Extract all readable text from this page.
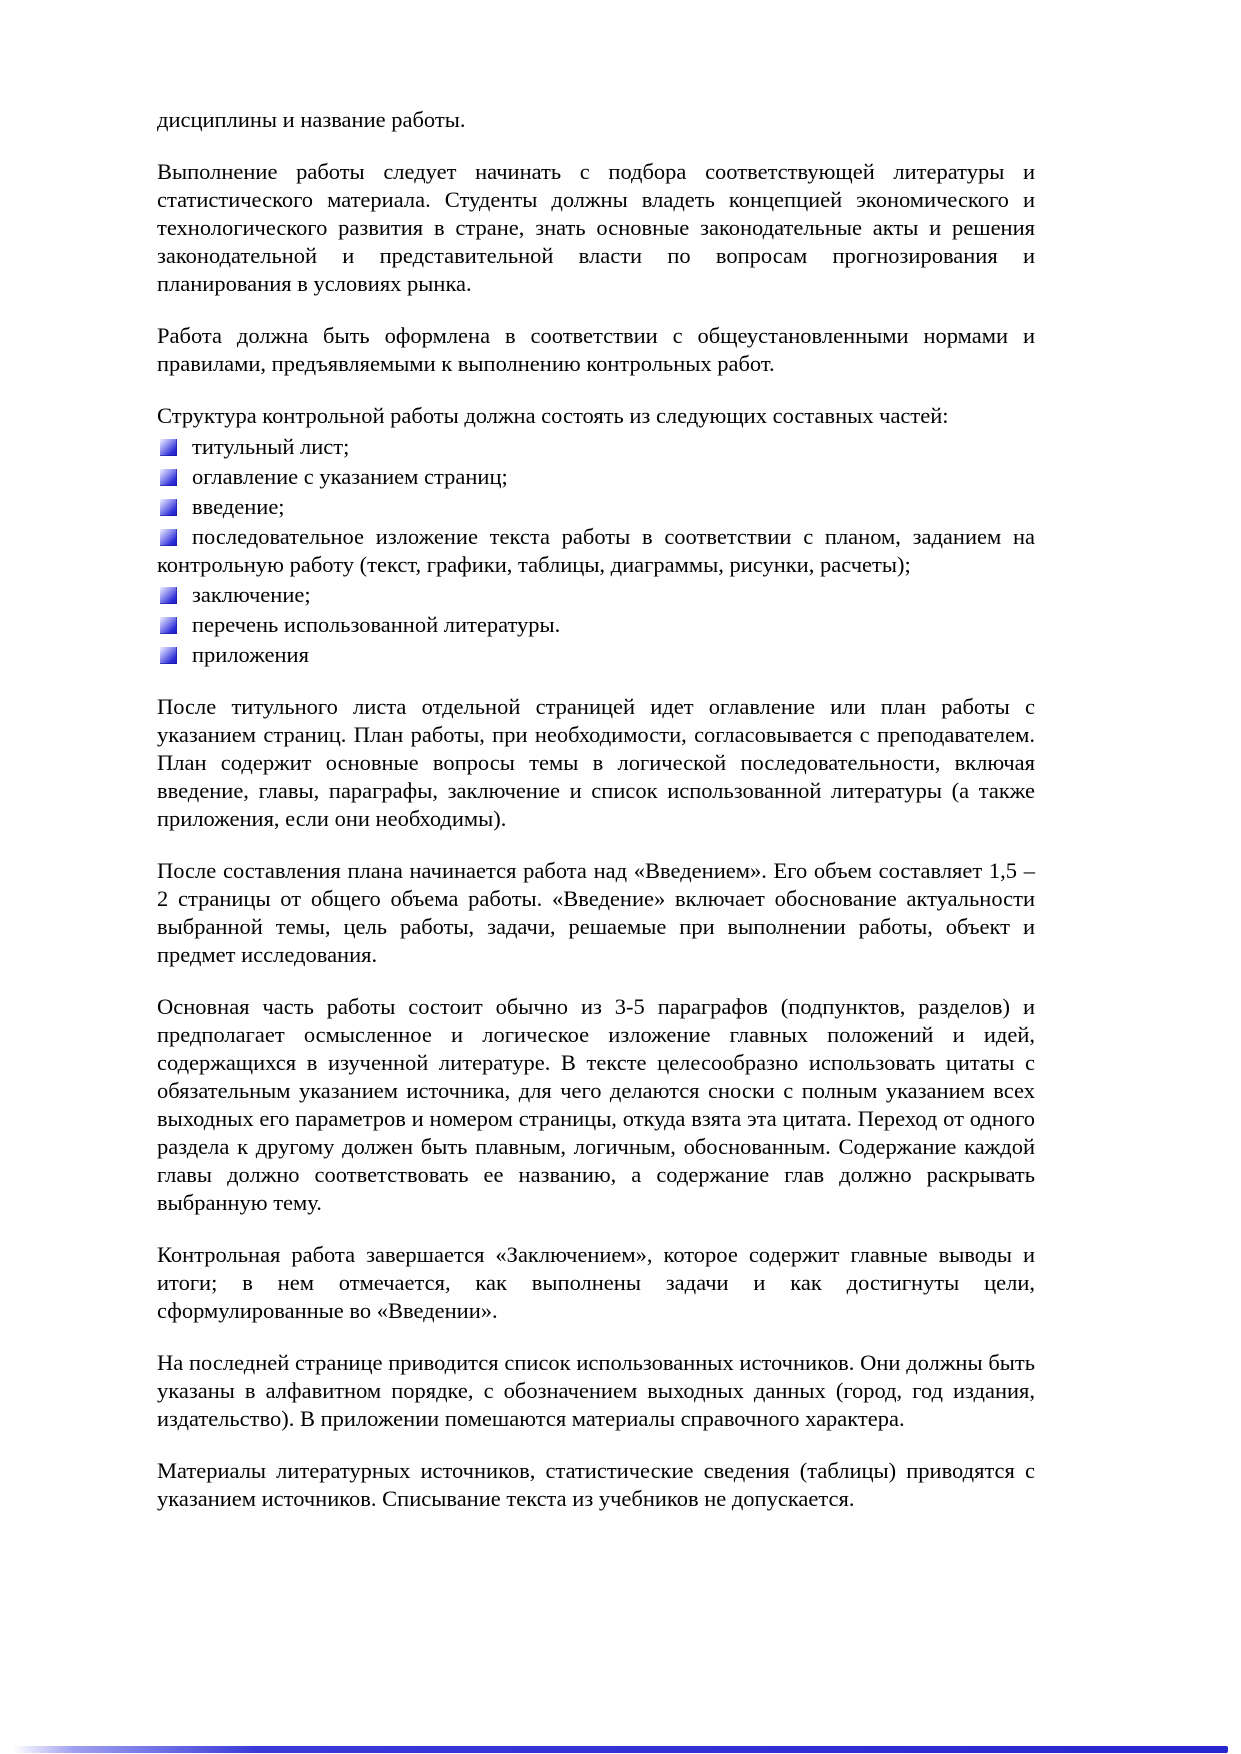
дисциплины и название работы.

Выполнение работы следует начинать с подбора соответствующей литературы и статистического материала. Студенты должны владеть концепцией экономического и технологического развития в стране, знать основные законодательные акты и решения законодательной и представительной власти по вопросам прогнозирования и планирования в условиях рынка.

Работа должна быть оформлена в соответствии с общеустановленными нормами и правилами, предъявляемыми к выполнению контрольных работ.

Структура контрольной работы должна состоять из следующих составных частей:

титульный лист;
оглавление с указанием страниц;
введение;
последовательное изложение текста работы в соответствии с планом, заданием на контрольную работу (текст, графики, таблицы, диаграммы, рисунки, расчеты);
заключение;
перечень использованной литературы.
приложения

После титульного листа отдельной страницей идет оглавление или план работы с указанием страниц. План работы, при необходимости, согласовывается с преподавателем. План содержит основные вопросы темы в логической последовательности, включая введение, главы, параграфы, заключение и список использованной литературы (а также приложения, если они необходимы).

После составления плана начинается работа над «Введением». Его объем составляет 1,5 – 2 страницы от общего объема работы. «Введение» включает обоснование актуальности выбранной темы, цель работы, задачи, решаемые при выполнении работы, объект и предмет исследования.

Основная часть работы состоит обычно из 3-5 параграфов (подпунктов, разделов) и предполагает осмысленное и логическое изложение главных положений и идей, содержащихся в изученной литературе. В тексте целесообразно использовать цитаты с обязательным указанием источника, для чего делаются сноски с полным указанием всех выходных его параметров и номером страницы, откуда взята эта цитата. Переход от одного раздела к другому должен быть плавным, логичным, обоснованным. Содержание каждой главы должно соответствовать ее названию, а содержание глав должно раскрывать выбранную тему.

Контрольная работа завершается «Заключением», которое содержит главные выводы и итоги; в нем отмечается, как выполнены задачи и как достигнуты цели, сформулированные во «Введении».

На последней странице приводится список использованных источников. Они должны быть указаны в алфавитном порядке, с обозначением выходных данных (город, год издания, издательство). В приложении помешаются материалы справочного характера.

Материалы литературных источников, статистические сведения (таблицы) приводятся с указанием источников. Списывание текста из учебников не допускается.
